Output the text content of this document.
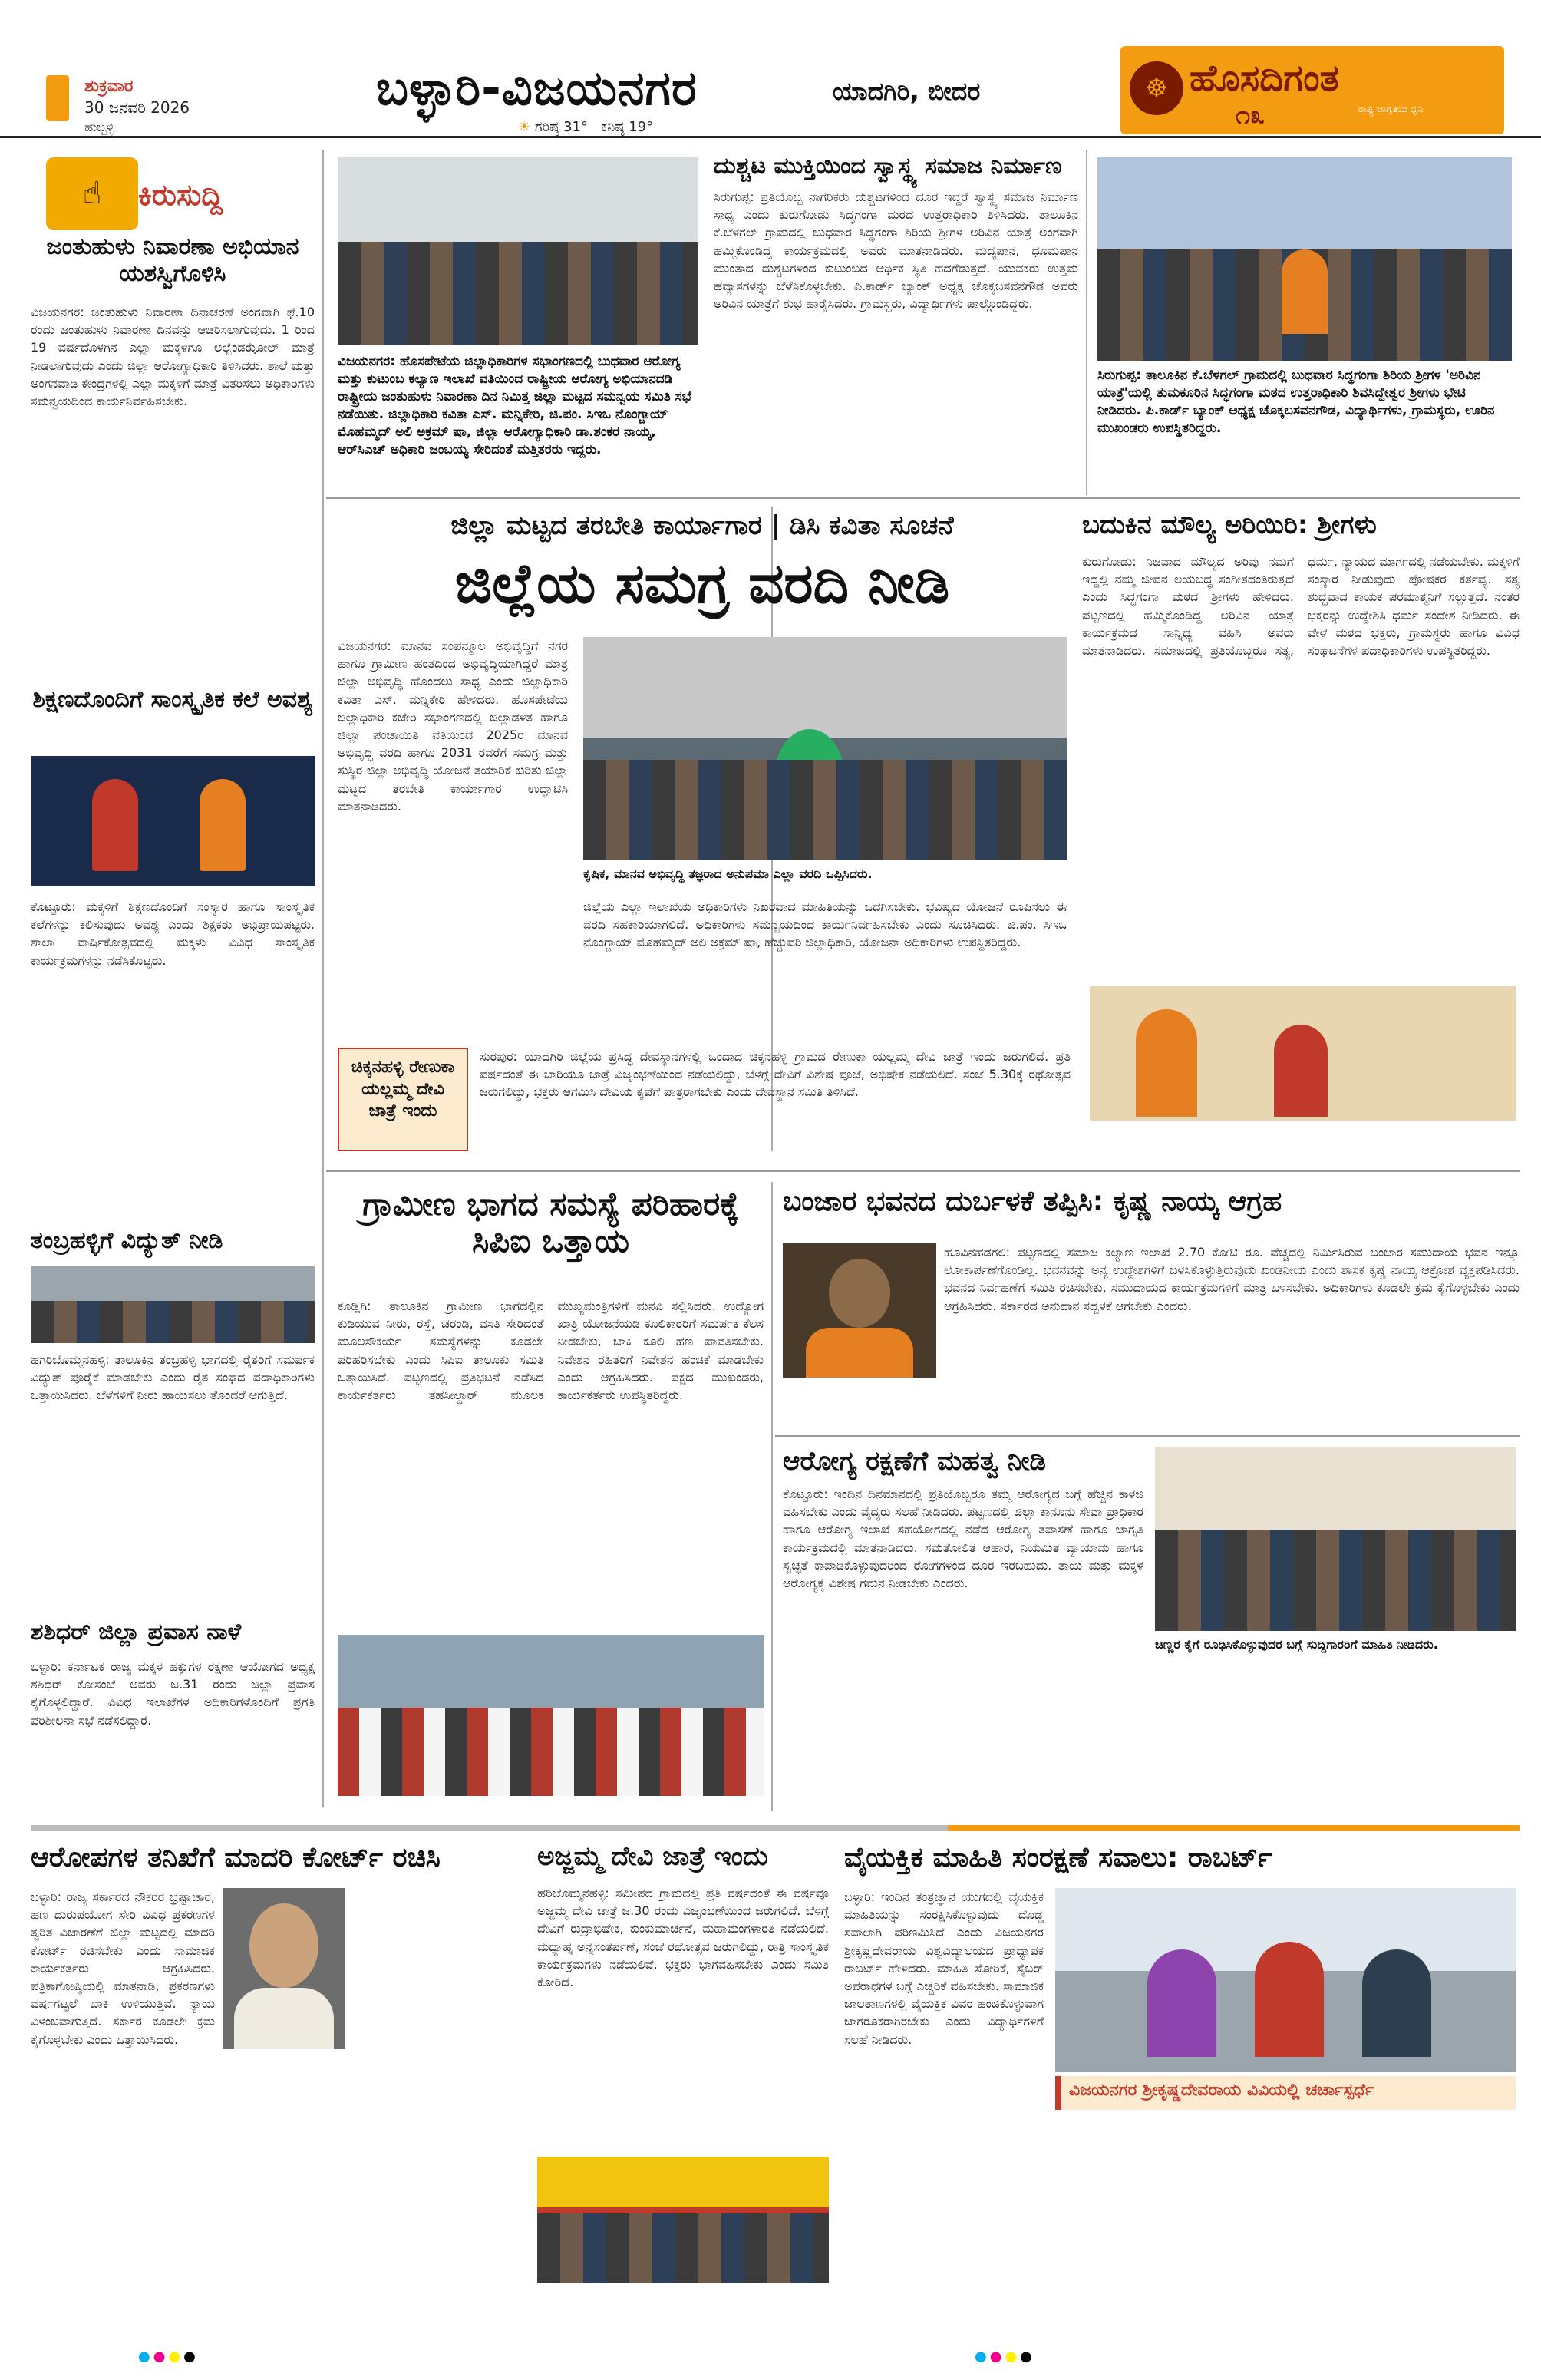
ಶುಕ್ರವಾರ
30 ಜನವರಿ 2026
ಹುಬ್ಬಳ್ಳಿ
ಬಳ್ಳಾರಿ-ವಿಜಯನಗರ	ಯಾದಗಿರಿ, ಬೀದರ
☀ ಗರಿಷ್ಠ 31° ಕನಿಷ್ಠ 19°
☸ ಹೊಸದಿಗಂತ
೧೩	ರಾಷ್ಟ್ರ ಜಾಗೃತಿಯ ಧ್ವನಿ
☝	ಕಿರುಸುದ್ದಿ
ಜಂತುಹುಳು ನಿವಾರಣಾ ಅಭಿಯಾನ ಯಶಸ್ವಿಗೊಳಿಸಿ
ವಿಜಯನಗರ: ಜಂತುಹುಳು ನಿವಾರಣಾ ದಿನಾಚರಣೆ ಅಂಗವಾಗಿ ಫೆ.10 ರಂದು ಜಂತುಹುಳು ನಿವಾರಣಾ ದಿನವನ್ನು ಆಚರಿಸಲಾಗುವುದು. 1 ರಿಂದ 19 ವರ್ಷದೊಳಗಿನ ಎಲ್ಲಾ ಮಕ್ಕಳಿಗೂ ಅಲ್ಬೆಂಡಝೋಲ್ ಮಾತ್ರೆ ನೀಡಲಾಗುವುದು ಎಂದು ಜಿಲ್ಲಾ ಆರೋಗ್ಯಾಧಿಕಾರಿ ತಿಳಿಸಿದರು. ಶಾಲೆ ಮತ್ತು ಅಂಗನವಾಡಿ ಕೇಂದ್ರಗಳಲ್ಲಿ ಎಲ್ಲಾ ಮಕ್ಕಳಿಗೆ ಮಾತ್ರೆ ವಿತರಿಸಲು ಅಧಿಕಾರಿಗಳು ಸಮನ್ವಯದಿಂದ ಕಾರ್ಯನಿರ್ವಹಿಸಬೇಕು.
ಶಿಕ್ಷಣದೊಂದಿಗೆ ಸಾಂಸ್ಕೃತಿಕ ಕಲೆ ಅವಶ್ಯ
ಕೊಟ್ಟೂರು: ಮಕ್ಕಳಿಗೆ ಶಿಕ್ಷಣದೊಂದಿಗೆ ಸಂಸ್ಕಾರ ಹಾಗೂ ಸಾಂಸ್ಕೃತಿಕ ಕಲೆಗಳನ್ನು ಕಲಿಸುವುದು ಅವಶ್ಯ ಎಂದು ಶಿಕ್ಷಕರು ಅಭಿಪ್ರಾಯಪಟ್ಟರು. ಶಾಲಾ ವಾರ್ಷಿಕೋತ್ಸವದಲ್ಲಿ ಮಕ್ಕಳು ವಿವಿಧ ಸಾಂಸ್ಕೃತಿಕ ಕಾರ್ಯಕ್ರಮಗಳನ್ನು ನಡೆಸಿಕೊಟ್ಟರು.
ತಂಬ್ರಹಳ್ಳಿಗೆ ವಿದ್ಯುತ್ ನೀಡಿ
ಹಗರಿಬೊಮ್ಮನಹಳ್ಳಿ: ತಾಲೂಕಿನ ತಂಬ್ರಹಳ್ಳಿ ಭಾಗದಲ್ಲಿ ರೈತರಿಗೆ ಸಮರ್ಪಕ ವಿದ್ಯುತ್ ಪೂರೈಕೆ ಮಾಡಬೇಕು ಎಂದು ರೈತ ಸಂಘದ ಪದಾಧಿಕಾರಿಗಳು ಒತ್ತಾಯಿಸಿದರು. ಬೆಳೆಗಳಿಗೆ ನೀರು ಹಾಯಿಸಲು ತೊಂದರೆ ಆಗುತ್ತಿದೆ.
ಶಶಿಧರ್ ಜಿಲ್ಲಾ ಪ್ರವಾಸ ನಾಳೆ
ಬಳ್ಳಾರಿ: ಕರ್ನಾಟಕ ರಾಜ್ಯ ಮಕ್ಕಳ ಹಕ್ಕುಗಳ ರಕ್ಷಣಾ ಆಯೋಗದ ಅಧ್ಯಕ್ಷ ಶಶಿಧರ್ ಕೋಸಂಬೆ ಅವರು ಜ.31 ರಂದು ಜಿಲ್ಲಾ ಪ್ರವಾಸ ಕೈಗೊಳ್ಳಲಿದ್ದಾರೆ. ವಿವಿಧ ಇಲಾಖೆಗಳ ಅಧಿಕಾರಿಗಳೊಂದಿಗೆ ಪ್ರಗತಿ ಪರಿಶೀಲನಾ ಸಭೆ ನಡೆಸಲಿದ್ದಾರೆ.
ವಿಜಯನಗರ: ಹೊಸಪೇಟೆಯ ಜಿಲ್ಲಾಧಿಕಾರಿಗಳ ಸಭಾಂಗಣದಲ್ಲಿ ಬುಧವಾರ ಆರೋಗ್ಯ ಮತ್ತು ಕುಟುಂಬ ಕಲ್ಯಾಣ ಇಲಾಖೆ ವತಿಯಿಂದ ರಾಷ್ಟ್ರೀಯ ಆರೋಗ್ಯ ಅಭಿಯಾನದಡಿ ರಾಷ್ಟ್ರೀಯ ಜಂತುಹುಳು ನಿವಾರಣಾ ದಿನ ನಿಮಿತ್ತ ಜಿಲ್ಲಾ ಮಟ್ಟದ ಸಮನ್ವಯ ಸಮಿತಿ ಸಭೆ ನಡೆಯಿತು. ಜಿಲ್ಲಾಧಿಕಾರಿ ಕವಿತಾ ಎಸ್. ಮನ್ನಿಕೇರಿ, ಜಿ.ಪಂ. ಸಿಇಒ ನೊಂಗ್ಜಾಯ್ ಮೊಹಮ್ಮದ್ ಅಲಿ ಅಕ್ರಮ್ ಷಾ, ಜಿಲ್ಲಾ ಆರೋಗ್ಯಾಧಿಕಾರಿ ಡಾ.ಶಂಕರ ನಾಯ್ಕ, ಆರ್‌ಸಿಎಚ್ ಅಧಿಕಾರಿ ಜಂಬಯ್ಯ ಸೇರಿದಂತೆ ಮತ್ತಿತರರು ಇದ್ದರು.
ದುಶ್ಚಟ ಮುಕ್ತಿಯಿಂದ ಸ್ವಾಸ್ಥ್ಯ ಸಮಾಜ ನಿರ್ಮಾಣ
ಸಿರುಗುಪ್ಪ: ಪ್ರತಿಯೊಬ್ಬ ನಾಗರಿಕರು ದುಶ್ಚಟಗಳಿಂದ ದೂರ ಇದ್ದರೆ ಸ್ವಾಸ್ಥ್ಯ ಸಮಾಜ ನಿರ್ಮಾಣ ಸಾಧ್ಯ ಎಂದು ಕುರುಗೋಡು ಸಿದ್ಧಗಂಗಾ ಮಠದ ಉತ್ತರಾಧಿಕಾರಿ ತಿಳಿಸಿದರು. ತಾಲೂಕಿನ ಕೆ.ಬೆಳಗಲ್ ಗ್ರಾಮದಲ್ಲಿ ಬುಧವಾರ ಸಿದ್ಧಗಂಗಾ ಶಿರಿಯ ಶ್ರೀಗಳ ಅರಿವಿನ ಯಾತ್ರೆ ಅಂಗವಾಗಿ ಹಮ್ಮಿಕೊಂಡಿದ್ದ ಕಾರ್ಯಕ್ರಮದಲ್ಲಿ ಅವರು ಮಾತನಾಡಿದರು. ಮದ್ಯಪಾನ, ಧೂಮಪಾನ ಮುಂತಾದ ದುಶ್ಚಟಗಳಿಂದ ಕುಟುಂಬದ ಆರ್ಥಿಕ ಸ್ಥಿತಿ ಹದಗೆಡುತ್ತದೆ. ಯುವಕರು ಉತ್ತಮ ಹವ್ಯಾಸಗಳನ್ನು ಬೆಳೆಸಿಕೊಳ್ಳಬೇಕು. ಪಿ.ಕಾರ್ಡ್ ಬ್ಯಾಂಕ್ ಅಧ್ಯಕ್ಷ ಚೊಕ್ಕಬಸವನಗೌಡ ಅವರು ಅರಿವಿನ ಯಾತ್ರೆಗೆ ಶುಭ ಹಾರೈಸಿದರು. ಗ್ರಾಮಸ್ಥರು, ವಿದ್ಯಾರ್ಥಿಗಳು ಪಾಲ್ಗೊಂಡಿದ್ದರು.
ಸಿರುಗುಪ್ಪ: ತಾಲೂಕಿನ ಕೆ.ಬೆಳಗಲ್ ಗ್ರಾಮದಲ್ಲಿ ಬುಧವಾರ ಸಿದ್ಧಗಂಗಾ ಶಿರಿಯ ಶ್ರೀಗಳ 'ಅರಿವಿನ ಯಾತ್ರೆ'ಯಲ್ಲಿ ತುಮಕೂರಿನ ಸಿದ್ಧಗಂಗಾ ಮಠದ ಉತ್ತರಾಧಿಕಾರಿ ಶಿವಸಿದ್ದೇಶ್ವರ ಶ್ರೀಗಳು ಭೇಟಿ ನೀಡಿದರು. ಪಿ.ಕಾರ್ಡ್ ಬ್ಯಾಂಕ್ ಅಧ್ಯಕ್ಷ ಚೊಕ್ಕಬಸವನಗೌಡ, ವಿದ್ಯಾರ್ಥಿಗಳು, ಗ್ರಾಮಸ್ಥರು, ಊರಿನ ಮುಖಂಡರು ಉಪಸ್ಥಿತರಿದ್ದರು.
ಜಿಲ್ಲಾ ಮಟ್ಟದ ತರಬೇತಿ ಕಾರ್ಯಾಗಾರ | ಡಿಸಿ ಕವಿತಾ ಸೂಚನೆ
ಜಿಲ್ಲೆಯ ಸಮಗ್ರ ವರದಿ ನೀಡಿ
ವಿಜಯನಗರ: ಮಾನವ ಸಂಪನ್ಮೂಲ ಅಭಿವೃದ್ಧಿಗೆ ನಗರ ಹಾಗೂ ಗ್ರಾಮೀಣ ಹಂತದಿಂದ ಅಭಿವೃದ್ಧಿಯಾಗಿದ್ದರೆ ಮಾತ್ರ ಜಿಲ್ಲಾ ಅಭಿವೃದ್ಧಿ ಹೊಂದಲು ಸಾಧ್ಯ ಎಂದು ಜಿಲ್ಲಾಧಿಕಾರಿ ಕವಿತಾ ಎಸ್. ಮನ್ನಿಕೇರಿ ಹೇಳಿದರು. ಹೊಸಪೇಟೆಯ ಜಿಲ್ಲಾಧಿಕಾರಿ ಕಚೇರಿ ಸಭಾಂಗಣದಲ್ಲಿ ಜಿಲ್ಲಾಡಳಿತ ಹಾಗೂ ಜಿಲ್ಲಾ ಪಂಚಾಯಿತಿ ವತಿಯಿಂದ 2025ರ ಮಾನವ ಅಭಿವೃದ್ಧಿ ವರದಿ ಹಾಗೂ 2031 ರವರೆಗೆ ಸಮಗ್ರ ಮತ್ತು ಸುಸ್ಥಿರ ಜಿಲ್ಲಾ ಅಭಿವೃದ್ಧಿ ಯೋಜನೆ ತಯಾರಿಕೆ ಕುರಿತು ಜಿಲ್ಲಾ ಮಟ್ಟದ ತರಬೇತಿ ಕಾರ್ಯಾಗಾರ ಉದ್ಘಾಟಿಸಿ ಮಾತನಾಡಿದರು.
ಕೃಷಿಕ, ಮಾನವ ಅಭಿವೃದ್ಧಿ ತಜ್ಞರಾದ ಅನುಪಮಾ ಎಲ್ಲಾ ವರದಿ ಒಪ್ಪಿಸಿದರು.
ಜಿಲ್ಲೆಯ ಎಲ್ಲಾ ಇಲಾಖೆಯ ಅಧಿಕಾರಿಗಳು ನಿಖರವಾದ ಮಾಹಿತಿಯನ್ನು ಒದಗಿಸಬೇಕು. ಭವಿಷ್ಯದ ಯೋಜನೆ ರೂಪಿಸಲು ಈ ವರದಿ ಸಹಕಾರಿಯಾಗಲಿದೆ. ಅಧಿಕಾರಿಗಳು ಸಮನ್ವಯದಿಂದ ಕಾರ್ಯನಿರ್ವಹಿಸಬೇಕು ಎಂದು ಸೂಚಿಸಿದರು. ಜಿ.ಪಂ. ಸಿಇಒ ನೊಂಗ್ಜಾಯ್ ಮೊಹಮ್ಮದ್ ಅಲಿ ಅಕ್ರಮ್ ಷಾ, ಹೆಚ್ಚುವರಿ ಜಿಲ್ಲಾಧಿಕಾರಿ, ಯೋಜನಾ ಅಧಿಕಾರಿಗಳು ಉಪಸ್ಥಿತರಿದ್ದರು.
ಬದುಕಿನ ಮೌಲ್ಯ ಅರಿಯಿರಿ: ಶ್ರೀಗಳು
ಕುರುಗೋಡು: ನಿಜವಾದ ಮೌಲ್ಯದ ಅರಿವು ನಮಗೆ ಇದ್ದಲ್ಲಿ ನಮ್ಮ ಜೀವನ ಲಯಬದ್ಧ ಸಂಗೀತದಂತಿರುತ್ತದೆ ಎಂದು ಸಿದ್ಧಗಂಗಾ ಮಠದ ಶ್ರೀಗಳು ಹೇಳಿದರು. ಪಟ್ಟಣದಲ್ಲಿ ಹಮ್ಮಿಕೊಂಡಿದ್ದ ಅರಿವಿನ ಯಾತ್ರೆ ಕಾರ್ಯಕ್ರಮದ ಸಾನ್ನಿಧ್ಯ ವಹಿಸಿ ಅವರು ಮಾತನಾಡಿದರು. ಸಮಾಜದಲ್ಲಿ ಪ್ರತಿಯೊಬ್ಬರೂ ಸತ್ಯ, ಧರ್ಮ, ನ್ಯಾಯದ ಮಾರ್ಗದಲ್ಲಿ ನಡೆಯಬೇಕು. ಮಕ್ಕಳಿಗೆ ಸಂಸ್ಕಾರ ನೀಡುವುದು ಪೋಷಕರ ಕರ್ತವ್ಯ. ಸತ್ಯ ಶುದ್ಧವಾದ ಕಾಯಕ ಪರಮಾತ್ಮನಿಗೆ ಸಲ್ಲುತ್ತದೆ. ನಂತರ ಭಕ್ತರನ್ನು ಉದ್ದೇಶಿಸಿ ಧರ್ಮ ಸಂದೇಶ ನೀಡಿದರು. ಈ ವೇಳೆ ಮಠದ ಭಕ್ತರು, ಗ್ರಾಮಸ್ಥರು ಹಾಗೂ ವಿವಿಧ ಸಂಘಟನೆಗಳ ಪದಾಧಿಕಾರಿಗಳು ಉಪಸ್ಥಿತರಿದ್ದರು.
ಚಿಕ್ಕನಹಳ್ಳಿ ರೇಣುಕಾ ಯಲ್ಲಮ್ಮ ದೇವಿ ಜಾತ್ರೆ ಇಂದು
ಸುರಪುರ: ಯಾದಗಿರಿ ಜಿಲ್ಲೆಯ ಪ್ರಸಿದ್ಧ ದೇವಸ್ಥಾನಗಳಲ್ಲಿ ಒಂದಾದ ಚಿಕ್ಕನಹಳ್ಳಿ ಗ್ರಾಮದ ರೇಣುಕಾ ಯಲ್ಲಮ್ಮ ದೇವಿ ಜಾತ್ರೆ ಇಂದು ಜರುಗಲಿದೆ. ಪ್ರತಿ ವರ್ಷದಂತೆ ಈ ಬಾರಿಯೂ ಜಾತ್ರೆ ವಿಜೃಂಭಣೆಯಿಂದ ನಡೆಯಲಿದ್ದು, ಬೆಳಗ್ಗೆ ದೇವಿಗೆ ವಿಶೇಷ ಪೂಜೆ, ಅಭಿಷೇಕ ನಡೆಯಲಿದೆ. ಸಂಜೆ 5.30ಕ್ಕೆ ರಥೋತ್ಸವ ಜರುಗಲಿದ್ದು, ಭಕ್ತರು ಆಗಮಿಸಿ ದೇವಿಯ ಕೃಪೆಗೆ ಪಾತ್ರರಾಗಬೇಕು ಎಂದು ದೇವಸ್ಥಾನ ಸಮಿತಿ ತಿಳಿಸಿದೆ.
ಗ್ರಾಮೀಣ ಭಾಗದ ಸಮಸ್ಯೆ ಪರಿಹಾರಕ್ಕೆ ಸಿಪಿಐ ಒತ್ತಾಯ
ಕೂಡ್ಲಿಗಿ: ತಾಲೂಕಿನ ಗ್ರಾಮೀಣ ಭಾಗದಲ್ಲಿನ ಕುಡಿಯುವ ನೀರು, ರಸ್ತೆ, ಚರಂಡಿ, ವಸತಿ ಸೇರಿದಂತೆ ಮೂಲಸೌಕರ್ಯ ಸಮಸ್ಯೆಗಳನ್ನು ಕೂಡಲೇ ಪರಿಹರಿಸಬೇಕು ಎಂದು ಸಿಪಿಐ ತಾಲೂಕು ಸಮಿತಿ ಒತ್ತಾಯಿಸಿದೆ. ಪಟ್ಟಣದಲ್ಲಿ ಪ್ರತಿಭಟನೆ ನಡೆಸಿದ ಕಾರ್ಯಕರ್ತರು ತಹಸೀಲ್ದಾರ್ ಮೂಲಕ ಮುಖ್ಯಮಂತ್ರಿಗಳಿಗೆ ಮನವಿ ಸಲ್ಲಿಸಿದರು. ಉದ್ಯೋಗ ಖಾತ್ರಿ ಯೋಜನೆಯಡಿ ಕೂಲಿಕಾರರಿಗೆ ಸಮರ್ಪಕ ಕೆಲಸ ನೀಡಬೇಕು, ಬಾಕಿ ಕೂಲಿ ಹಣ ಪಾವತಿಸಬೇಕು. ನಿವೇಶನ ರಹಿತರಿಗೆ ನಿವೇಶನ ಹಂಚಿಕೆ ಮಾಡಬೇಕು ಎಂದು ಆಗ್ರಹಿಸಿದರು. ಪಕ್ಷದ ಮುಖಂಡರು, ಕಾರ್ಯಕರ್ತರು ಉಪಸ್ಥಿತರಿದ್ದರು.
ಬಂಜಾರ ಭವನದ ದುರ್ಬಳಕೆ ತಪ್ಪಿಸಿ: ಕೃಷ್ಣ ನಾಯ್ಕ ಆಗ್ರಹ
ಹೂವಿನಹಡಗಲಿ: ಪಟ್ಟಣದಲ್ಲಿ ಸಮಾಜ ಕಲ್ಯಾಣ ಇಲಾಖೆ 2.70 ಕೋಟಿ ರೂ. ವೆಚ್ಚದಲ್ಲಿ ನಿರ್ಮಿಸಿರುವ ಬಂಜಾರ ಸಮುದಾಯ ಭವನ ಇನ್ನೂ ಲೋಕಾರ್ಪಣೆಗೊಂಡಿಲ್ಲ. ಭವನವನ್ನು ಅನ್ಯ ಉದ್ದೇಶಗಳಿಗೆ ಬಳಸಿಕೊಳ್ಳುತ್ತಿರುವುದು ಖಂಡನೀಯ ಎಂದು ಶಾಸಕ ಕೃಷ್ಣ ನಾಯ್ಕ ಆಕ್ರೋಶ ವ್ಯಕ್ತಪಡಿಸಿದರು. ಭವನದ ನಿರ್ವಹಣೆಗೆ ಸಮಿತಿ ರಚಿಸಬೇಕು, ಸಮುದಾಯದ ಕಾರ್ಯಕ್ರಮಗಳಿಗೆ ಮಾತ್ರ ಬಳಸಬೇಕು. ಅಧಿಕಾರಿಗಳು ಕೂಡಲೇ ಕ್ರಮ ಕೈಗೊಳ್ಳಬೇಕು ಎಂದು ಆಗ್ರಹಿಸಿದರು. ಸರ್ಕಾರದ ಅನುದಾನ ಸದ್ಬಳಕೆ ಆಗಬೇಕು ಎಂದರು.
ಆರೋಗ್ಯ ರಕ್ಷಣೆಗೆ ಮಹತ್ವ ನೀಡಿ
ಕೊಟ್ಟೂರು: ಇಂದಿನ ದಿನಮಾನದಲ್ಲಿ ಪ್ರತಿಯೊಬ್ಬರೂ ತಮ್ಮ ಆರೋಗ್ಯದ ಬಗ್ಗೆ ಹೆಚ್ಚಿನ ಕಾಳಜಿ ವಹಿಸಬೇಕು ಎಂದು ವೈದ್ಯರು ಸಲಹೆ ನೀಡಿದರು. ಪಟ್ಟಣದಲ್ಲಿ ಜಿಲ್ಲಾ ಕಾನೂನು ಸೇವಾ ಪ್ರಾಧಿಕಾರ ಹಾಗೂ ಆರೋಗ್ಯ ಇಲಾಖೆ ಸಹಯೋಗದಲ್ಲಿ ನಡೆದ ಆರೋಗ್ಯ ತಪಾಸಣೆ ಹಾಗೂ ಜಾಗೃತಿ ಕಾರ್ಯಕ್ರಮದಲ್ಲಿ ಮಾತನಾಡಿದರು. ಸಮತೋಲಿತ ಆಹಾರ, ನಿಯಮಿತ ವ್ಯಾಯಾಮ ಹಾಗೂ ಸ್ವಚ್ಛತೆ ಕಾಪಾಡಿಕೊಳ್ಳುವುದರಿಂದ ರೋಗಗಳಿಂದ ದೂರ ಇರಬಹುದು. ತಾಯಿ ಮತ್ತು ಮಕ್ಕಳ ಆರೋಗ್ಯಕ್ಕೆ ವಿಶೇಷ ಗಮನ ನೀಡಬೇಕು ಎಂದರು.
ಚಿಣ್ಣರ ಕೈಗೆ ರೂಢಿಸಿಕೊಳ್ಳುವುದರ ಬಗ್ಗೆ ಸುದ್ದಿಗಾರರಿಗೆ ಮಾಹಿತಿ ನೀಡಿದರು.
ಆರೋಪಗಳ ತನಿಖೆಗೆ ಮಾದರಿ ಕೋರ್ಟ್ ರಚಿಸಿ
ಬಳ್ಳಾರಿ: ರಾಜ್ಯ ಸರ್ಕಾರದ ನೌಕರರ ಭ್ರಷ್ಟಾಚಾರ, ಹಣ ದುರುಪಯೋಗ ಸೇರಿ ವಿವಿಧ ಪ್ರಕರಣಗಳ ತ್ವರಿತ ವಿಚಾರಣೆಗೆ ಜಿಲ್ಲಾ ಮಟ್ಟದಲ್ಲಿ ಮಾದರಿ ಕೋರ್ಟ್ ರಚಿಸಬೇಕು ಎಂದು ಸಾಮಾಜಿಕ ಕಾರ್ಯಕರ್ತರು ಆಗ್ರಹಿಸಿದರು. ಪತ್ರಿಕಾಗೋಷ್ಠಿಯಲ್ಲಿ ಮಾತನಾಡಿ, ಪ್ರಕರಣಗಳು ವರ್ಷಗಟ್ಟಲೆ ಬಾಕಿ ಉಳಿಯುತ್ತಿವೆ. ನ್ಯಾಯ ವಿಳಂಬವಾಗುತ್ತಿದೆ. ಸರ್ಕಾರ ಕೂಡಲೇ ಕ್ರಮ ಕೈಗೊಳ್ಳಬೇಕು ಎಂದು ಒತ್ತಾಯಿಸಿದರು.
ಅಜ್ಜಮ್ಮ ದೇವಿ ಜಾತ್ರೆ ಇಂದು
ಹರಿಬೊಮ್ಮನಹಳ್ಳಿ: ಸಮೀಪದ ಗ್ರಾಮದಲ್ಲಿ ಪ್ರತಿ ವರ್ಷದಂತೆ ಈ ವರ್ಷವೂ ಅಜ್ಜಮ್ಮ ದೇವಿ ಜಾತ್ರೆ ಜ.30 ರಂದು ವಿಜೃಂಭಣೆಯಿಂದ ಜರುಗಲಿದೆ. ಬೆಳಗ್ಗೆ ದೇವಿಗೆ ರುದ್ರಾಭಿಷೇಕ, ಕುಂಕುಮಾರ್ಚನೆ, ಮಹಾಮಂಗಳಾರತಿ ನಡೆಯಲಿದೆ. ಮಧ್ಯಾಹ್ನ ಅನ್ನಸಂತರ್ಪಣೆ, ಸಂಜೆ ರಥೋತ್ಸವ ಜರುಗಲಿದ್ದು, ರಾತ್ರಿ ಸಾಂಸ್ಕೃತಿಕ ಕಾರ್ಯಕ್ರಮಗಳು ನಡೆಯಲಿವೆ. ಭಕ್ತರು ಭಾಗವಹಿಸಬೇಕು ಎಂದು ಸಮಿತಿ ಕೋರಿದೆ.
ವೈಯಕ್ತಿಕ ಮಾಹಿತಿ ಸಂರಕ್ಷಣೆ ಸವಾಲು: ರಾಬರ್ಟ್
ಬಳ್ಳಾರಿ: ಇಂದಿನ ತಂತ್ರಜ್ಞಾನ ಯುಗದಲ್ಲಿ ವೈಯಕ್ತಿಕ ಮಾಹಿತಿಯನ್ನು ಸಂರಕ್ಷಿಸಿಕೊಳ್ಳುವುದು ದೊಡ್ಡ ಸವಾಲಾಗಿ ಪರಿಣಮಿಸಿದೆ ಎಂದು ವಿಜಯನಗರ ಶ್ರೀಕೃಷ್ಣದೇವರಾಯ ವಿಶ್ವವಿದ್ಯಾಲಯದ ಪ್ರಾಧ್ಯಾಪಕ ರಾಬರ್ಟ್ ಹೇಳಿದರು. ಮಾಹಿತಿ ಸೋರಿಕೆ, ಸೈಬರ್ ಅಪರಾಧಗಳ ಬಗ್ಗೆ ಎಚ್ಚರಿಕೆ ವಹಿಸಬೇಕು. ಸಾಮಾಜಿಕ ಜಾಲತಾಣಗಳಲ್ಲಿ ವೈಯಕ್ತಿಕ ವಿವರ ಹಂಚಿಕೊಳ್ಳುವಾಗ ಜಾಗರೂಕರಾಗಿರಬೇಕು ಎಂದು ವಿದ್ಯಾರ್ಥಿಗಳಿಗೆ ಸಲಹೆ ನೀಡಿದರು.
ವಿಜಯನಗರ ಶ್ರೀಕೃಷ್ಣದೇವರಾಯ ವಿವಿಯಲ್ಲಿ ಚರ್ಚಾಸ್ಪರ್ಧೆ
●●●●	●●●●
